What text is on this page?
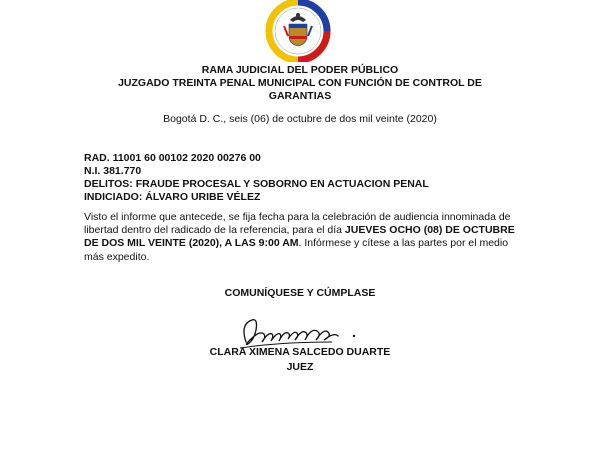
RAMA JUDICIAL DEL PODER PÚBLICO
JUZGADO TREINTA PENAL MUNICIPAL CON FUNCIÓN DE CONTROL DE
GARANTIAS
Bogotá D. C., seis (06) de octubre de dos mil veinte (2020)
RAD. 11001 60 00102 2020 00276 00
N.I. 381.770
DELITOS: FRAUDE PROCESAL Y SOBORNO EN ACTUACION PENAL
INDICIADO: ÁLVARO URIBE VÉLEZ
Visto el informe que antecede, se fija fecha para la celebración de audiencia innominada de libertad dentro del radicado de la referencia, para el día JUEVES OCHO (08) DE OCTUBRE DE DOS MIL VEINTE (2020), A LAS 9:00 AM. Infórmese y cítese a las partes por el medio más expedito.
COMUNÍQUESE Y CÚMPLASE
CLARA XIMENA SALCEDO DUARTE
JUEZ
